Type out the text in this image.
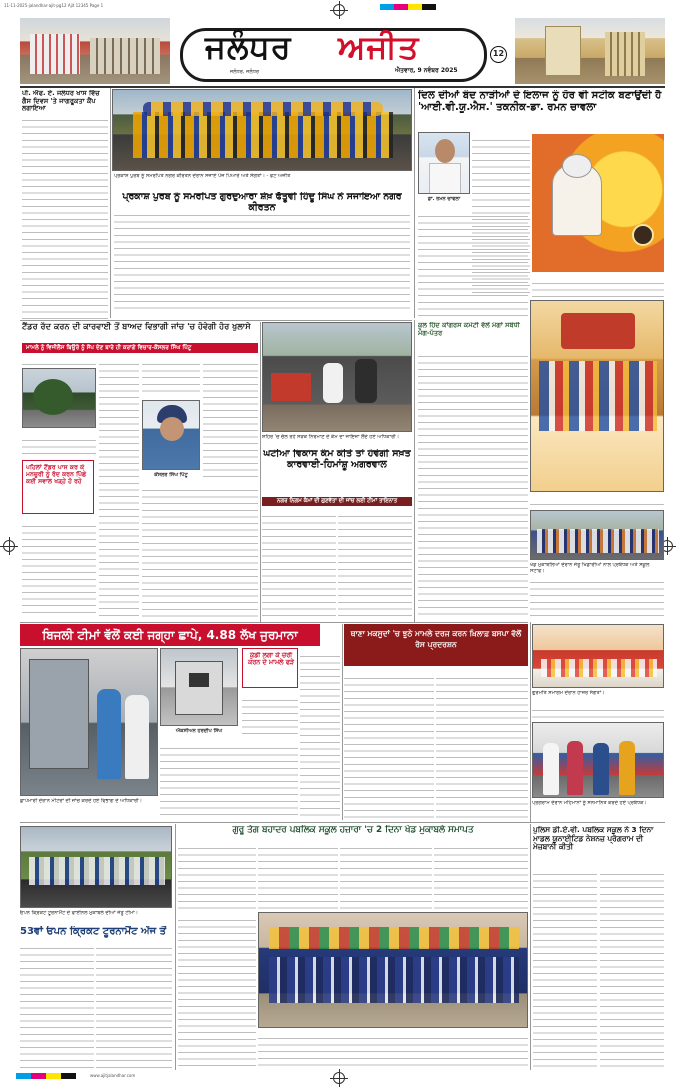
11-11-2025-jalandhar-ajit-pg12 Ajit 12345 Page 1
www.ajitjalandhar.com
ਜਲੰਧਰ ਅਜੀਤ
ਜਲੰਧਰ, ਜਲੰਧਰ	ਐਤਵਾਰ, 9 ਨਵੰਬਰ 2025
12
ਪੀ. ਐਫ. ਏ. ਜਲੰਧਰ ਖਾਸ ਵਿੱਚ ਗੈਸ ਦਿਵਸ 'ਤੇ ਜਾਗਰੂਕਤਾ ਕੈਂਪ ਲਗਾਇਆ
ਪ੍ਰਕਾਸ਼ ਪੁਰਬ ਨੂੰ ਸਮਰਪਿਤ ਨਗਰ ਕੀਰਤਨ ਦੌਰਾਨ ਸਜਾਏ ਪੰਜ ਪਿਆਰੇ ਅਤੇ ਸੰਗਤਾਂ। - ਫੋਟੋ ਅਜੀਤ
ਪ੍ਰਕਾਸ਼ ਪੁਰਬ ਨੂੰ ਸਮਰਪਿਤ ਗੁਰਦੁਆਰਾ ਸ਼ੇਖ਼ ਫੱਤੂਵੀ ਹਿੰਦੂ ਸਿੰਘ ਨੇ ਸਜਾਇਆ ਨਗਰ ਕੀਰਤਨ
ਦਿਲ ਦੀਆਂ ਬੰਦ ਨਾੜੀਆਂ ਦੇ ਇਲਾਜ ਨੂੰ ਹੋਰ ਵੀ ਸਟੀਕ ਬਣਾਉਂਦੀ ਹੈ 'ਆਈ.ਵੀ.ਯੂ.ਐਸ.' ਤਕਨੀਕ-ਡਾ. ਰਮਨ ਚਾਵਲਾ
ਡਾ. ਰਮਨ ਚਾਵਲਾ
ਟੈਂਡਰ ਰੱਦ ਕਰਨ ਦੀ ਕਾਰਵਾਈ ਤੋਂ ਬਾਅਦ ਵਿਭਾਗੀ ਜਾਂਚ 'ਚ ਹੋਵੇਗੀ ਹੋਰ ਖੁਲਾਸੇ
ਮਾਮਲੇ ਨੂੰ ਵਿਜੀਲੈਂਸ ਬਿਊਰੋ ਨੂੰ ਸੌਂਪ ਦੇਣ ਬਾਰੇ ਹੀ ਕਰਾਂਗੇ ਵਿਚਾਰ-ਕੌਂਸਲਰ ਸਿੰਘ ਪਿੰਟੂ
ਪਹਿਲਾਂ ਟੈਂਡਰ ਪਾਸ ਕਰ ਕੇ ਮਨਜ਼ੂਰੀ ਨੂੰ ਰੱਦ ਕਰਨ ਪਿੱਛੇ ਕਈ ਸਵਾਲ ਖੜ੍ਹੇ ਹੋ ਰਹੇ
ਕੌਂਸਲਰ ਸਿੰਘ ਪਿੰਟੂ
ਸ਼ਹਿਰ 'ਚ ਚੱਲ ਰਹੇ ਸੜਕ ਨਿਰਮਾਣ ਦੇ ਕੰਮ ਦਾ ਜਾਇਜ਼ਾ ਲੈਂਦੇ ਹੋਏ ਅਧਿਕਾਰੀ।
ਘਟੀਆ ਵਿਕਾਸ ਕੰਮ ਕੀਤੇ ਤਾਂ ਹੋਵੇਗੀ ਸਖ਼ਤ ਕਾਰਵਾਈ-ਹਿਮਾਂਸ਼ੂ ਅਗਰਵਾਲ
ਨਗਰ ਨਿਗਮ ਕੰਮਾਂ ਦੀ ਗੁਣਵੱਤਾ ਦੀ ਜਾਂਚ ਲਈ ਟੀਮਾਂ ਤਾਇਨਾਤ
ਕੁਲ ਹਿੰਦ ਕਾਂਗਰਸ ਕਮੇਟੀ ਵੱਲੋਂ ਮੰਗਾਂ ਸਬੰਧੀ ਮੰਗ-ਪੱਤਰ
ਖੇਡ ਮੁਕਾਬਲਿਆਂ ਦੌਰਾਨ ਜੇਤੂ ਖਿਡਾਰੀਆਂ ਨਾਲ ਪ੍ਰਬੰਧਕ ਅਤੇ ਸਕੂਲ ਸਟਾਫ।
ਬਿਜਲੀ ਟੀਮਾਂ ਵੱਲੋਂ ਕਈ ਜਗ੍ਹਾ ਛਾਪੇ, 4.88 ਲੱਖ ਜੁਰਮਾਨਾ
ਛਾਪੇਮਾਰੀ ਦੌਰਾਨ ਮੀਟਰਾਂ ਦੀ ਜਾਂਚ ਕਰਦੇ ਹੋਏ ਵਿਭਾਗ ਦੇ ਅਧਿਕਾਰੀ।
ਕੁੰਡੀ ਲਗਾ ਕੇ ਚੋਰੀ ਕਰਨ ਦੇ ਮਾਮਲੇ ਫੜੇ
ਐਕਸੀਅਨ ਹਰਦੀਪ ਸਿੰਘ
ਥਾਣਾ ਮਕਸੂਦਾਂ 'ਚ ਝੂਠੇ ਮਾਮਲੇ ਦਰਜ ਕਰਨ ਖ਼ਿਲਾਫ਼ ਬਸਪਾ ਵੱਲੋਂ ਰੋਸ ਪ੍ਰਦਰਸ਼ਨ
ਗੁਰਮਤਿ ਸਮਾਗਮ ਦੌਰਾਨ ਹਾਜ਼ਰ ਸੰਗਤਾਂ।
ਪ੍ਰੋਗਰਾਮ ਦੌਰਾਨ ਮਹਿਮਾਨਾਂ ਨੂੰ ਸਨਮਾਨਿਤ ਕਰਦੇ ਹੋਏ ਪ੍ਰਬੰਧਕ।
ਗੁਰੂ ਤੇਗ ਬਹਾਦਰ ਪਬਲਿਕ ਸਕੂਲ ਹਜ਼ਾਰਾ 'ਚ 2 ਦਿਨਾ ਖੇਡ ਮੁਕਾਬਲੇ ਸਮਾਪਤ
ਓਪਨ ਕ੍ਰਿਕਟ ਟੂਰਨਾਮੈਂਟ ਦੇ ਫਾਈਨਲ ਮੁਕਾਬਲੇ ਦੀਆਂ ਜੇਤੂ ਟੀਮਾਂ।
53ਵਾਂ ਓਪਨ ਕ੍ਰਿਕਟ ਟੂਰਨਾਮੈਂਟ ਅੱਜ ਤੋਂ
ਪੁਲਿਸ ਡੀ.ਏ.ਵੀ. ਪਬਲਿਕ ਸਕੂਲ ਨੇ 3 ਦਿਨਾ ਮਾਡਲ ਯੂਨਾਈਟਿਡ ਨੇਸ਼ਨਜ਼ ਪ੍ਰੋਗਰਾਮ ਦੀ ਮੇਜ਼ਬਾਨੀ ਕੀਤੀ
